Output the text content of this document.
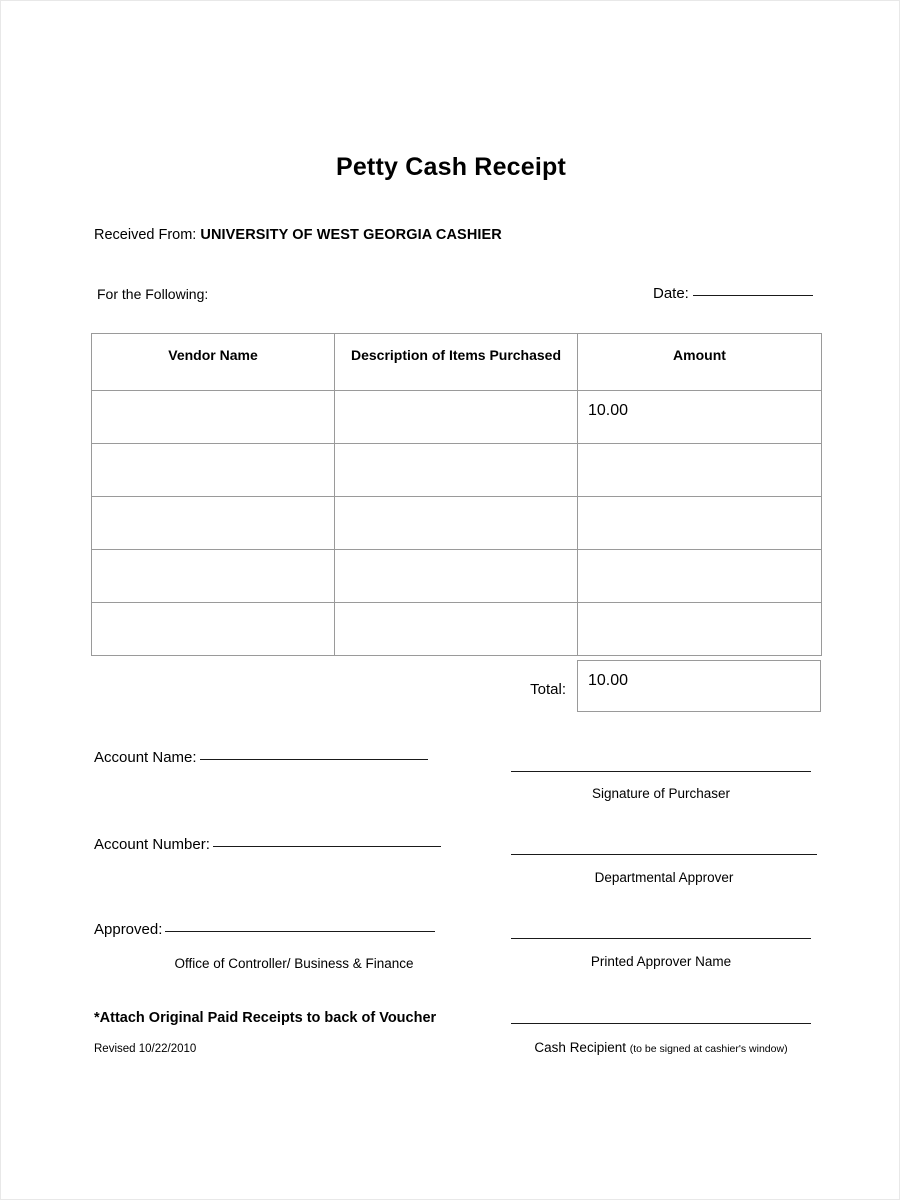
Petty Cash Receipt
Received From: UNIVERSITY OF WEST GEORGIA CASHIER
For the Following:	Date:
Vendor Name	Description of Items Purchased	Amount
		10.00

Total:
10.00
Account Name:
Account Number:
Approved:
Office of Controller/ Business & Finance
Signature of Purchaser
Departmental Approver
Printed Approver Name
Cash Recipient (to be signed at cashier's window)
*Attach Original Paid Receipts to back of Voucher
Revised 10/22/2010
